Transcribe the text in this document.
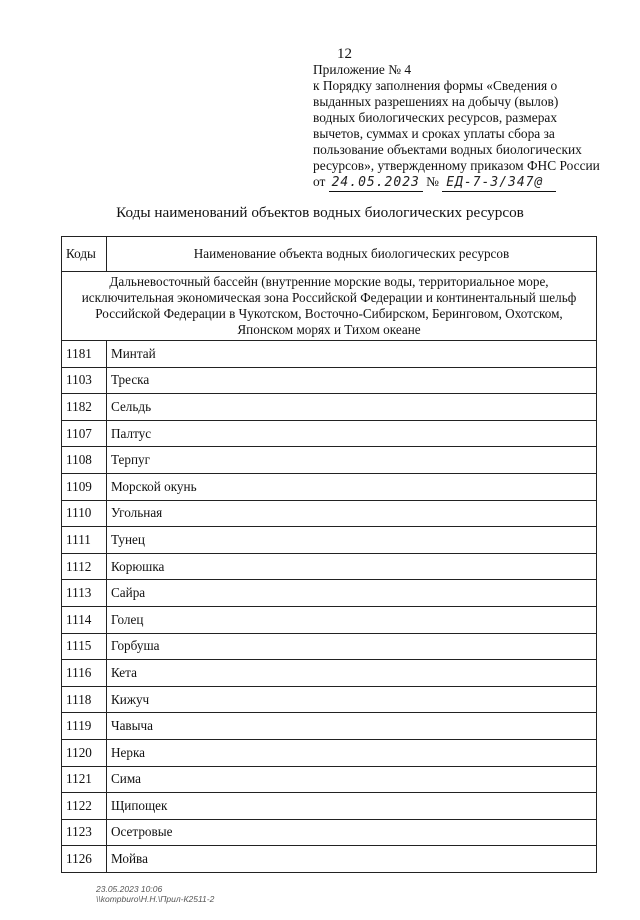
12
Приложение № 4
к Порядку заполнения формы «Сведения о
выданных разрешениях на добычу (вылов)
водных биологических ресурсов, размерах
вычетов, суммах и сроках уплаты сбора за
пользование объектами водных биологических
ресурсов», утвержденному приказом ФНС России
от 24.05.2023 № ЕД-7-3/347@
Коды наименований объектов водных биологических ресурсов
Коды	Наименование объекта водных биологических ресурсов
Дальневосточный бассейн (внутренние морские воды, территориальное море, исключительная экономическая зона Российской Федерации и континентальный шельф Российской Федерации в Чукотском, Восточно-Сибирском, Беринговом, Охотском, Японском морях и Тихом океане	
1181	Минтай
1103	Треска
1182	Сельдь
1107	Палтус
1108	Терпуг
1109	Морской окунь
1110	Угольная
1111	Тунец
1112	Корюшка
1113	Сайра
1114	Голец
1115	Горбуша
1116	Кета
1118	Кижуч
1119	Чавыча
1120	Нерка
1121	Сима
1122	Щипощек
1123	Осетровые
1126	Мойва
23.05.2023 10:06
\\kompburo\Н.Н.\Прил-К2511-2
